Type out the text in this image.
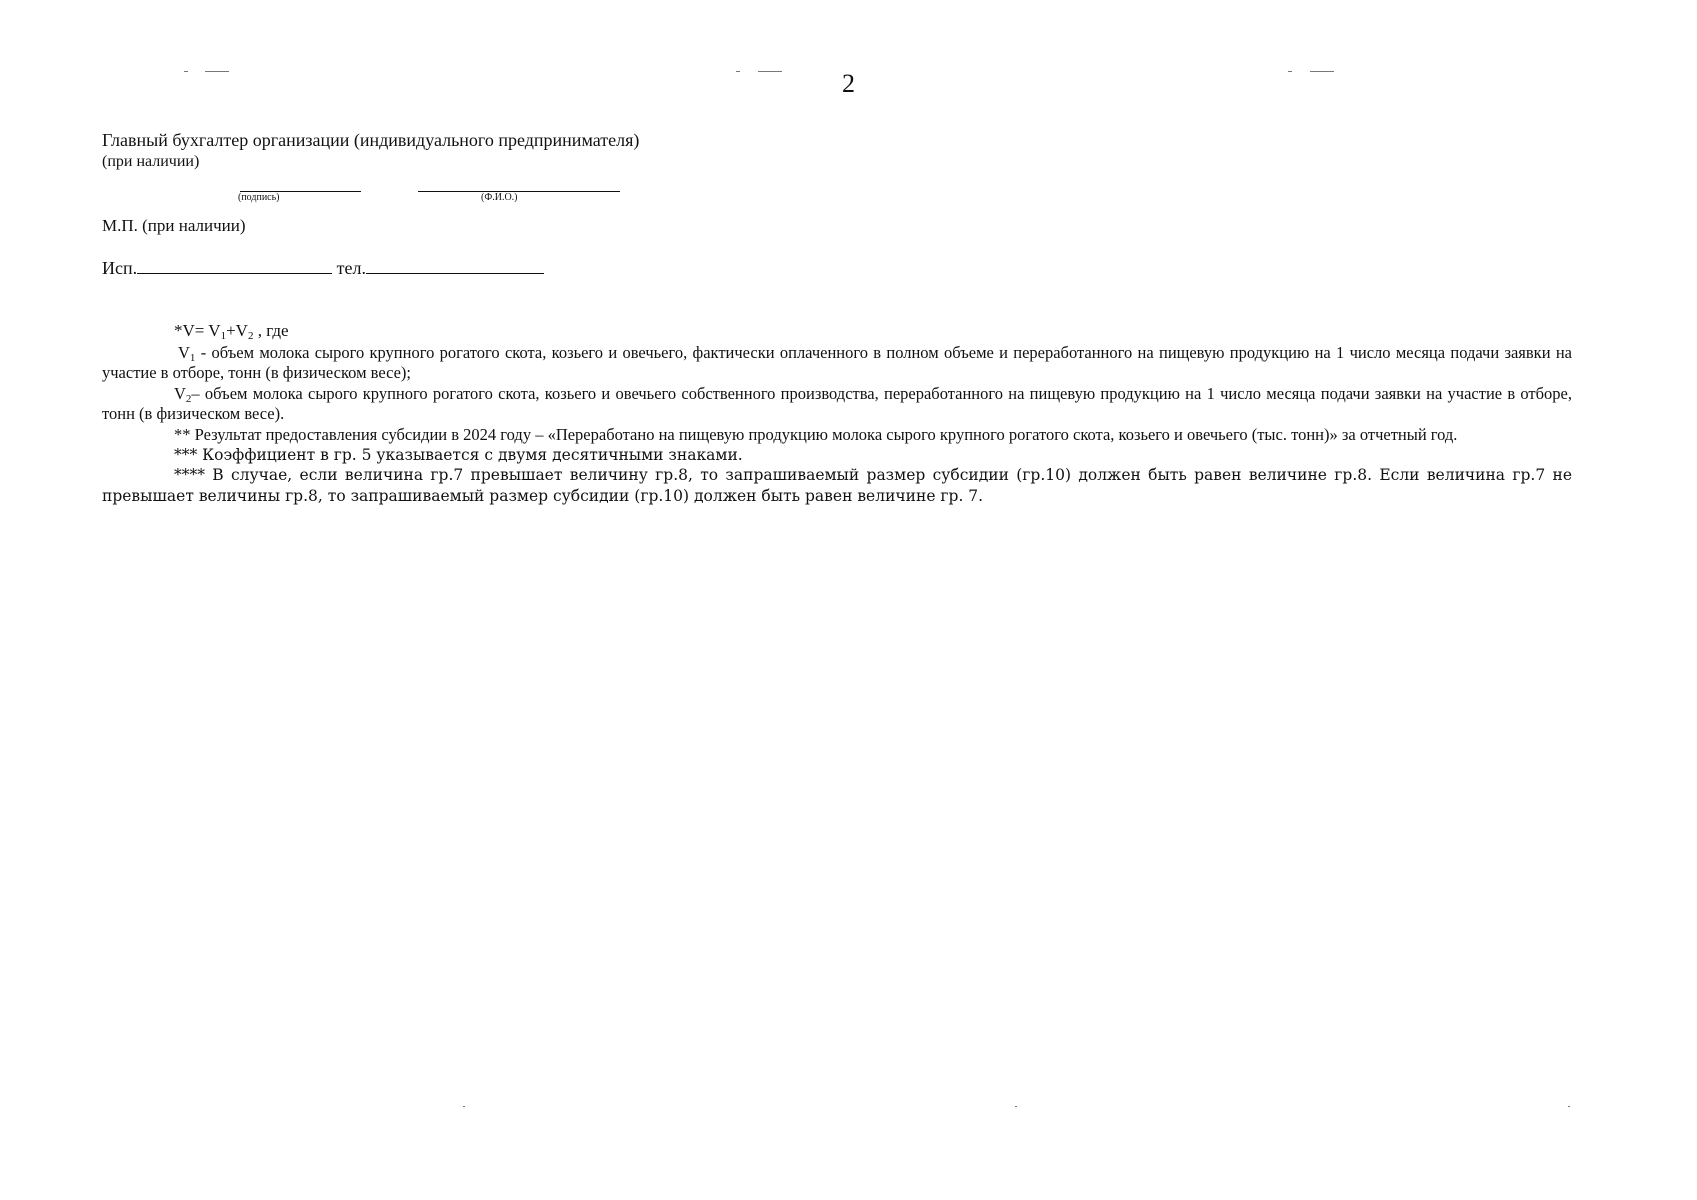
2
Главный бухгалтер организации (индивидуального предпринимателя)
(при наличии)
(подпись)	(Ф.И.О.)
М.П. (при наличии)
Исп.	тел.
$*V= V_1+V_2$ , где

$V_1$ - объем молока сырого крупного рогатого скота, козьего и овечьего, фактически оплаченного в полном объеме и переработанного на пищевую продукцию на 1 число месяца подачи заявки на участие в отборе, тонн (в физическом весе);

$V_2-$ объем молока сырого крупного рогатого скота, козьего и овечьего собственного производства, переработанного на пищевую продукцию на 1 число месяца подачи заявки на участие в отборе, тонн (в физическом весе).

** Результат предоставления субсидии в 2024 году – «Переработано на пищевую продукцию молока сырого крупного рогатого скота, козьего и овечьего (тыс. тонн)» за отчетный год.

*** Коэффициент в гр. 5 указывается с двумя десятичными знаками.

**** В случае, если величина гр.7 превышает величину гр.8, то запрашиваемый размер субсидии (гр.10) должен быть равен величине гр.8. Если величина гр.7 не превышает величины гр.8, то запрашиваемый размер субсидии (гр.10) должен быть равен величине гр. 7.
